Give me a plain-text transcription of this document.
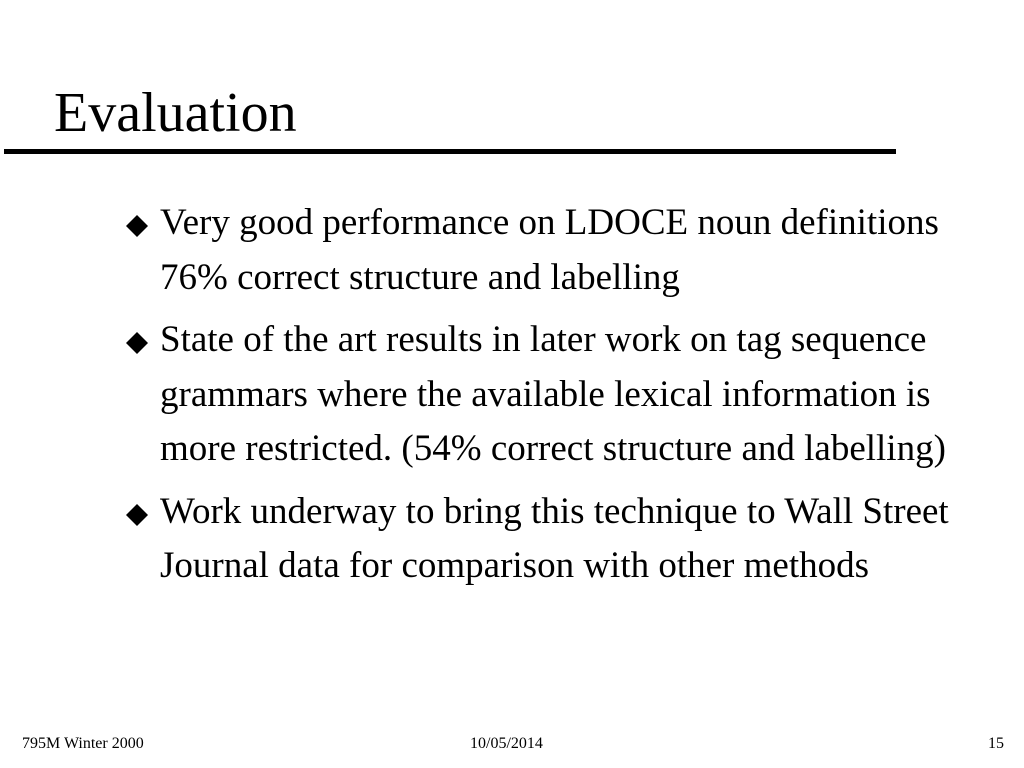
Evaluation
Very good performance on LDOCE noun definitions 76% correct structure and labelling
State of the art results in later work on tag sequence grammars where the available lexical information is more restricted. (54% correct structure and labelling)
Work underway to bring this technique to Wall Street Journal data for comparison with other methods
795M Winter 2000	10/05/2014	15
